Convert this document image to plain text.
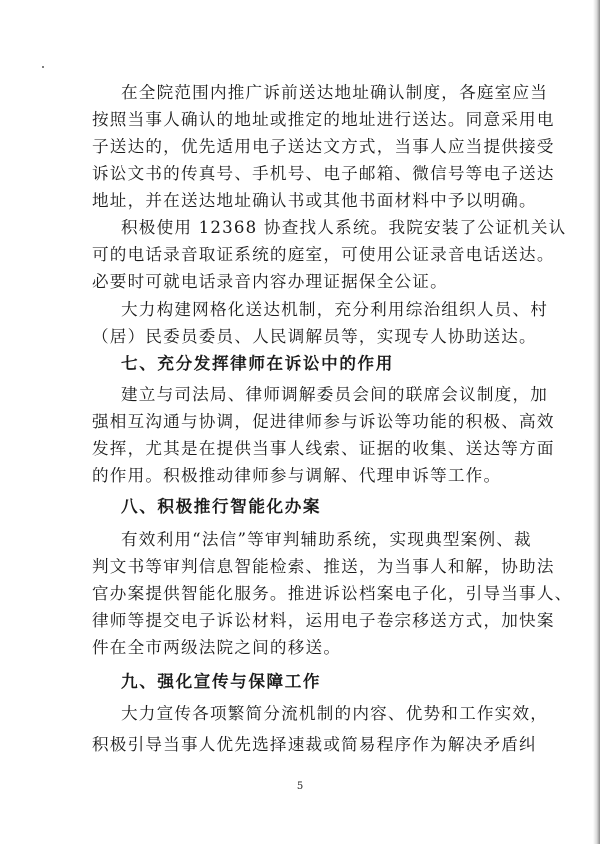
在全院范围内推广诉前送达地址确认制度，各庭室应当
按照当事人确认的地址或推定的地址进行送达。同意采用电
子送达的，优先适用电子送达文方式，当事人应当提供接受
诉讼文书的传真号、手机号、电子邮箱、微信号等电子送达
地址，并在送达地址确认书或其他书面材料中予以明确。
积极使用 12368 协查找人系统。我院安装了公证机关认
可的电话录音取证系统的庭室，可使用公证录音电话送达。
必要时可就电话录音内容办理证据保全公证。
大力构建网格化送达机制，充分利用综治组织人员、村
（居）民委员委员、人民调解员等，实现专人协助送达。
七、充分发挥律师在诉讼中的作用
建立与司法局、律师调解委员会间的联席会议制度，加
强相互沟通与协调，促进律师参与诉讼等功能的积极、高效
发挥，尤其是在提供当事人线索、证据的收集、送达等方面
的作用。积极推动律师参与调解、代理申诉等工作。
八、积极推行智能化办案
有效利用“法信”等审判辅助系统，实现典型案例、裁
判文书等审判信息智能检索、推送，为当事人和解，协助法
官办案提供智能化服务。推进诉讼档案电子化，引导当事人、
律师等提交电子诉讼材料，运用电子卷宗移送方式，加快案
件在全市两级法院之间的移送。
九、强化宣传与保障工作
大力宣传各项繁简分流机制的内容、优势和工作实效，
积极引导当事人优先选择速裁或简易程序作为解决矛盾纠
5
